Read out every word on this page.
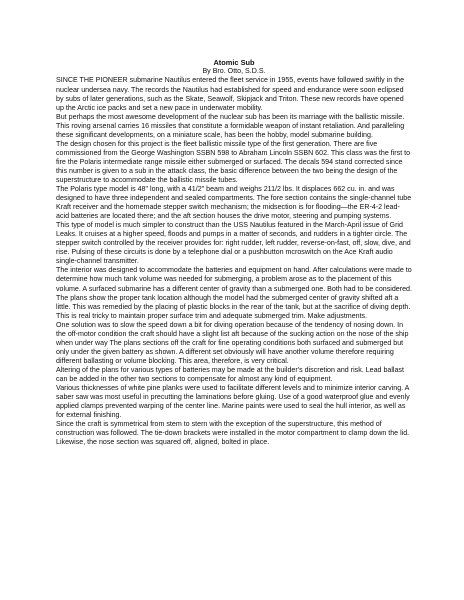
Atomic Sub

By Bro. Otto, S.D.S.

SINCE THE PIONEER submarine Nautilus entered the fleet service in 1955, events have followed swiftly in the nuclear undersea navy. The records the Nautilus had established for speed and endurance were soon eclipsed by subs of later generations, such as the Skate, Seawolf, Skipjack and Triton. These new records have opened up the Arctic ice packs and set a new pace in underwater mobility.

But perhaps the most awesome development of the nuclear sub has been its marriage with the ballistic missile. This roving arsenal carries 16 missiles that constitute a formidable weapon of instant retaliation. And paralleling these significant developments, on a miniature scale, has been the hobby, model submarine building.

The design chosen for this project is the fleet ballistic missile type of the first generation. There are five commissioned from the George Washington SSBN 598 to Abraham Lincoln SSBN 602. This class was the first to fire the Polaris intermediate range missile either submerged or surfaced. The decals 594 stand corrected since this number is given to a sub in the attack class, the basic difference between the two being the design of the superstructure to accommodate the ballistic missile tubes.

The Polaris type model is 48" long, with a 41/2" beam and weighs 211/2 lbs. It displaces 662 cu. in. and was designed to have three independent and sealed compartments. The fore section contains the single-channel tube Kraft receiver and the homemade stepper switch mechanism; the midsection is for flooding—the ER-4-2 lead-acid batteries are located there; and the aft section houses the drive motor, steering and pumping systems.

This type of model is much simpler to construct than the USS Nautilus featured in the March-April issue of Grid Leaks. It cruises at a higher speed, floods and pumps in a matter of seconds, and rudders in a tighter circle. The stepper switch controlled by the receiver provides for: right rudder, left rudder, reverse-on-fast, off, slow, dive, and rise. Pulsing of these circuits is done by a telephone dial or a pushbutton mcroswitch on the Ace Kraft audio single-channel transmitter.

The interior was designed to accommodate the batteries and equipment on hand. After calculations were made to determine how much tank volume was needed for submerging, a problem arose as to the placement of this volume. A surfaced submarine has a different center of gravity than a submerged one. Both had to be considered. The plans show the proper tank location although the model had the submerged center of gravity shifted aft a little. This was remedied by the placing of plastic blocks in the rear of the tank, but at the sacrifice of diving depth. This is real tricky to maintain proper surface trim and adequate submerged trim. Make adjustments.

One solution was to slow the speed down a bit for diving operation because of the tendency of nosing down. In the off-motor condition the craft should have a slight list aft because of the sucking action on the nose of the ship when under way The plans sections off the craft for fine operating conditions both surfaced and submerged but only under the given battery as shown. A different set obviously will have another volume therefore requiring different ballasting or volume blocking. This area, therefore, is very critical.

Altering of the plans for various types of batteries may be made at the builder's discretion and risk. Lead ballast can be added in the other two sections to compensate for almost any kind of equipment.

Various thicknesses of white pine planks were used to facilitate different levels and to minimize interior carving. A saber saw was most useful in precutting the laminations before gluing. Use of a good waterproof glue and evenly applied clamps prevented warping of the center line. Marine paints were used to seal the hull interior, as well as for external finishing.

Since the craft is symmetrical from stem to stern with the exception of the superstructure, this method of construction was followed. The tie-down brackets were installed in the motor compartment to clamp down the lid. Likewise, the nose section was squared off, aligned, bolted in place.
